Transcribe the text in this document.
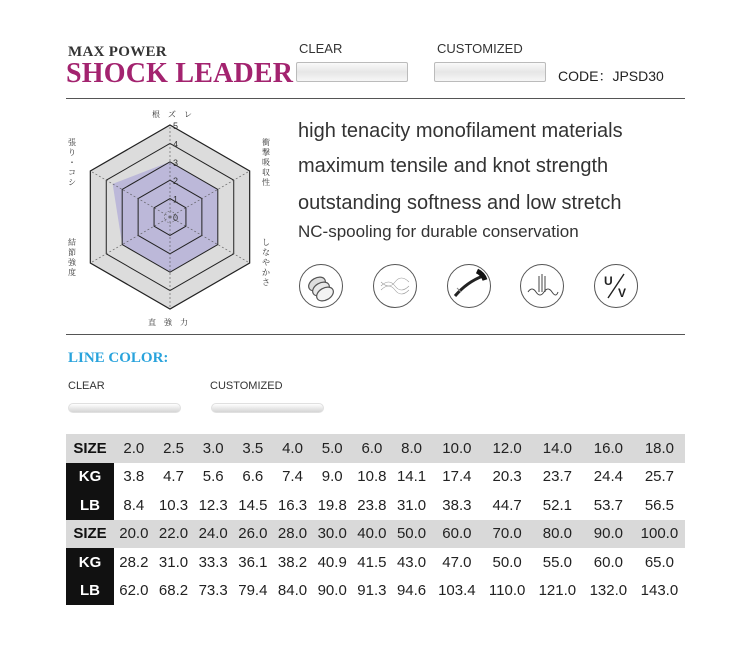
MAX POWER
SHOCK LEADER
CLEAR	CUSTOMIZED
CODE：JPSD30
5
4
3
2
1
0
根　ズ　レ
衝
撃
吸
収
性
し
な
や
か
さ
直　強　力
結
節
強
度
張
り
・
コ
シ
high tenacity monofilament materials
maximum tensile and knot strength
outstanding softness and low stretch
NC-spooling for durable conservation
U
V
LINE COLOR:
CLEAR	CUSTOMIZED
SIZE	2.0	2.5	3.0	3.5	4.0	5.0	6.0	8.0	10.0	12.0	14.0	16.0	18.0
KG	3.8	4.7	5.6	6.6	7.4	9.0	10.8	14.1	17.4	20.3	23.7	24.4	25.7
LB	8.4	10.3	12.3	14.5	16.3	19.8	23.8	31.0	38.3	44.7	52.1	53.7	56.5
SIZE	20.0	22.0	24.0	26.0	28.0	30.0	40.0	50.0	60.0	70.0	80.0	90.0	100.0
KG	28.2	31.0	33.3	36.1	38.2	40.9	41.5	43.0	47.0	50.0	55.0	60.0	65.0
LB	62.0	68.2	73.3	79.4	84.0	90.0	91.3	94.6	103.4	110.0	121.0	132.0	143.0
